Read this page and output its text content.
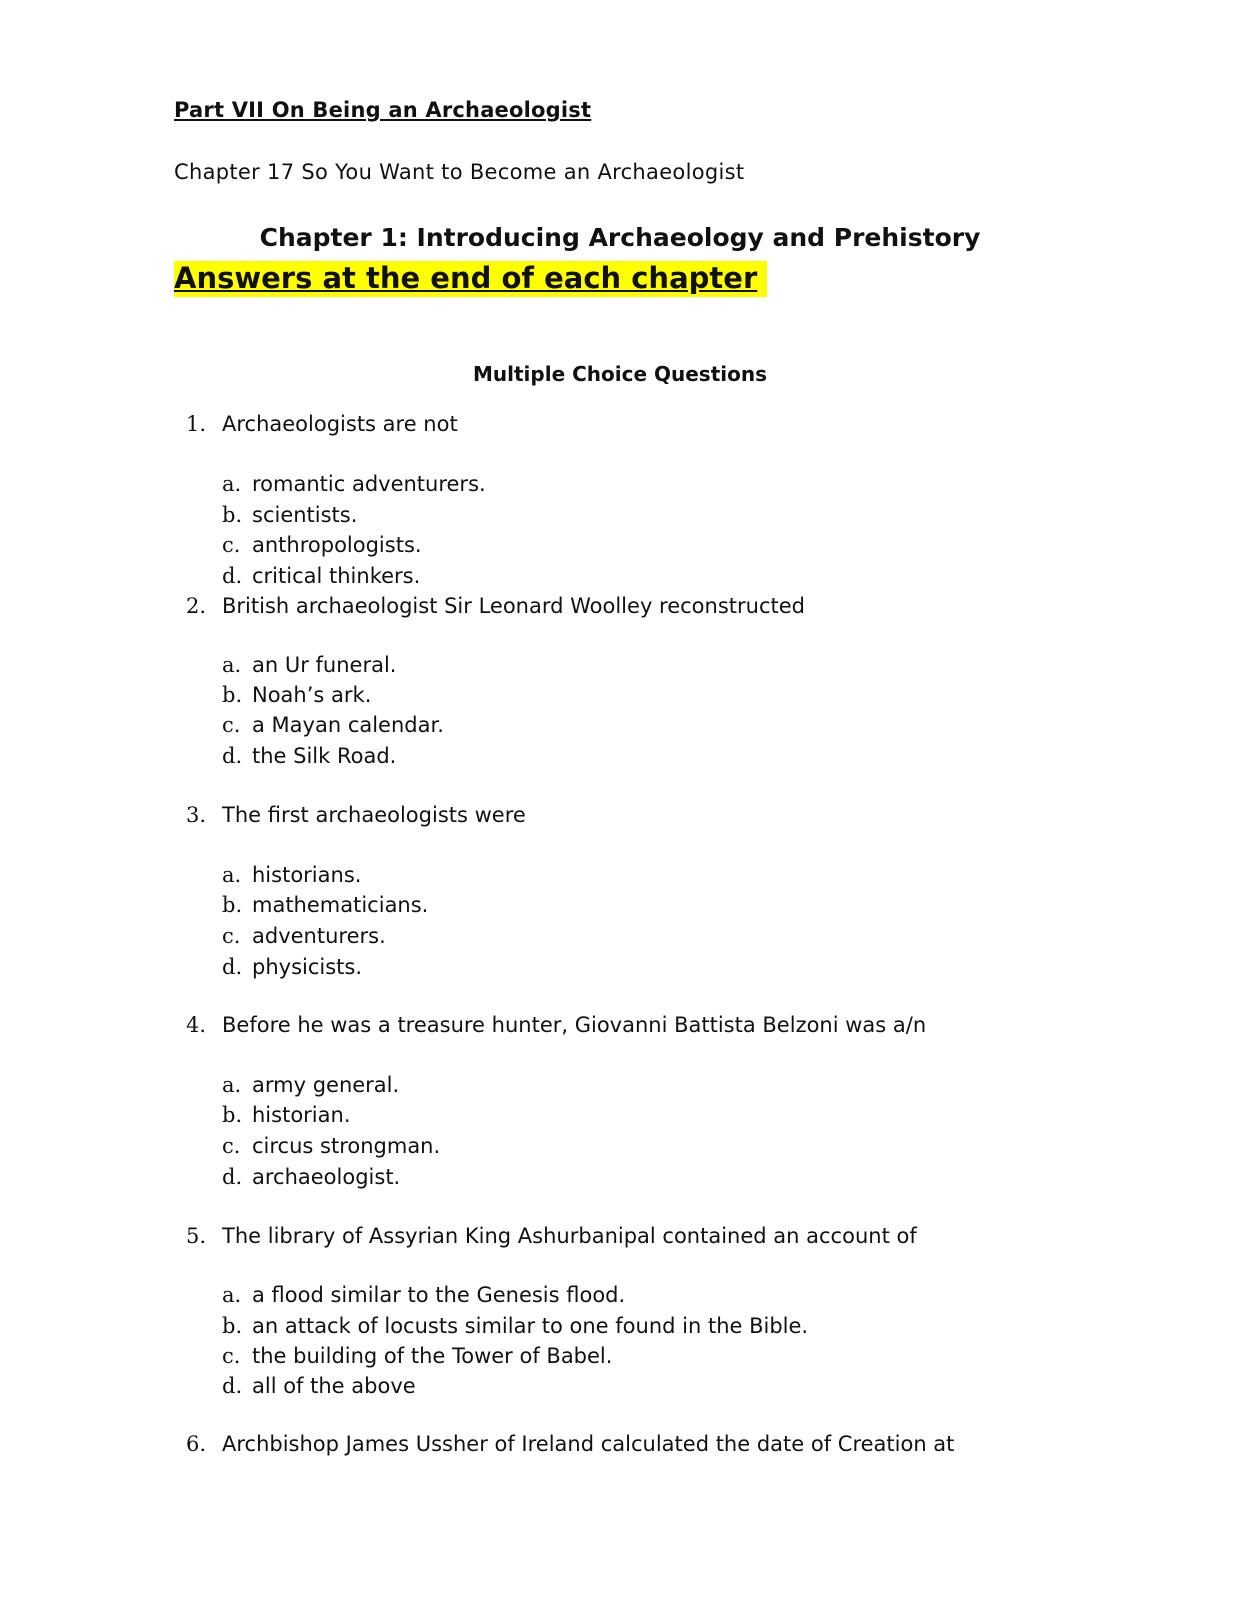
Part VII On Being an Archaeologist
Chapter 17 So You Want to Become an Archaeologist
Chapter 1: Introducing Archaeology and Prehistory
Answers at the end of each chapter
Multiple Choice Questions
1. Archaeologists are not
a. romantic adventurers.
b. scientists.
c. anthropologists.
d. critical thinkers.
2. British archaeologist Sir Leonard Woolley reconstructed
a. an Ur funeral.
b. Noah’s ark.
c. a Mayan calendar.
d. the Silk Road.
3. The first archaeologists were
a. historians.
b. mathematicians.
c. adventurers.
d. physicists.
4. Before he was a treasure hunter, Giovanni Battista Belzoni was a/n
a. army general.
b. historian.
c. circus strongman.
d. archaeologist.
5. The library of Assyrian King Ashurbanipal contained an account of
a. a flood similar to the Genesis flood.
b. an attack of locusts similar to one found in the Bible.
c. the building of the Tower of Babel.
d. all of the above
6. Archbishop James Ussher of Ireland calculated the date of Creation at
